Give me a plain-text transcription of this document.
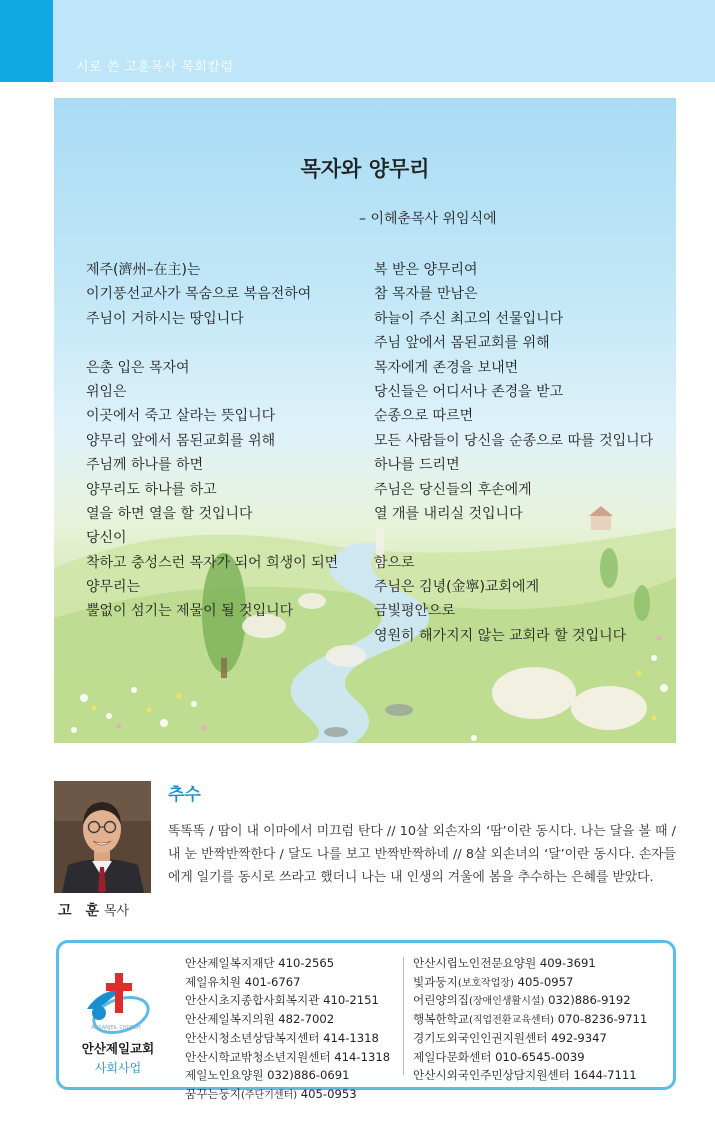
시로 쓴 고훈목사 목회칼럼
목자와 양무리
– 이헤춘목사 위임식에
제주(濟州–在主)는
이기풍선교사가 목숨으로 복음전하여
주님이 거하시는 땅입니다
은총 입은 목자여
위임은
이곳에서 죽고 살라는 뜻입니다
양무리 앞에서 몸된교회를 위해
주님께 하나를 하면
양무리도 하나를 하고
열을 하면 열을 할 것입니다
당신이
착하고 충성스런 목자가 되어 희생이 되면
양무리는
뿔없이 섬기는 제물이 될 것입니다
복 받은 양무리여
참 목자를 만남은
하늘이 주신 최고의 선물입니다
주님 앞에서 몸된교회를 위해
목자에게 존경을 보내면
당신들은 어디서나 존경을 받고
순종으로 따르면
모든 사람들이 당신을 순종으로 따를 것입니다
하나를 드리면
주님은 당신들의 후손에게
열 개를 내리실 것입니다
함으로
주님은 김녕(金寧)교회에게
금빛평안으로
영원히 해가지지 않는 교회라 할 것입니다
고　훈 목사
추수
똑똑똑 / 땀이 내 이마에서 미끄럼 탄다 // 10살 외손자의 ‘땀’이란 동시다. 나는 달을 볼 때 / 내 눈 반짝반짝한다 / 달도 나를 보고 반짝반짝하네 // 8살 외손녀의 ‘달’이란 동시다. 손자들에게 일기를 동시로 쓰라고 했더니 나는 내 인생의 겨울에 봄을 추수하는 은혜를 받았다.
ANSANJEIL CHURCH
안산제일교회
사회사업
안산제일복지재단 410-2565
제일유치원 401-6767
안산시초지종합사회복지관 410-2151
안산제일복지의원 482-7002
안산시청소년상담복지센터 414-1318
안산시학교밖청소년지원센터 414-1318
제일노인요양원 032)886-0691
꿈꾸는둥지(주단기센터) 405-0953
안산시립노인전문요양원 409-3691
빛과둥지(보호작업장) 405-0957
어린양의집(장애인생활시설) 032)886-9192
행복한학교(직업전환교육센터) 070-8236-9711
경기도외국인인권지원센터 492-9347
제일다문화센터 010-6545-0039
안산시외국인주민상담지원센터 1644-7111
